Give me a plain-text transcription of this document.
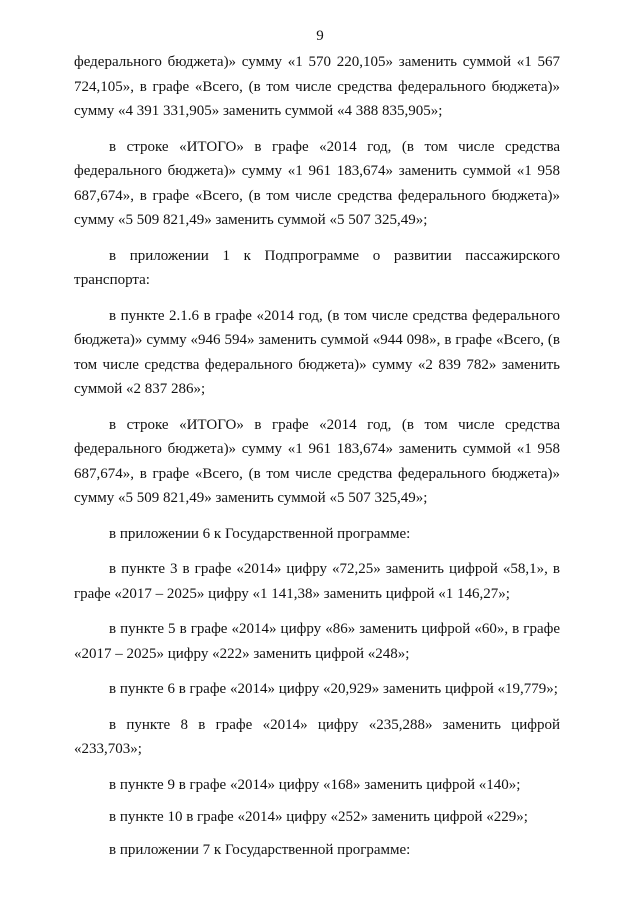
9

федерального бюджета)» сумму «1 570 220,105» заменить суммой «1 567 724,105», в графе «Всего, (в том числе средства федерального бюджета)» сумму «4 391 331,905» заменить суммой «4 388 835,905»;

в строке «ИТОГО» в графе «2014 год, (в том числе средства федерального бюджета)» сумму «1 961 183,674» заменить суммой «1 958 687,674», в графе «Всего, (в том числе средства федерального бюджета)» сумму «5 509 821,49» заменить суммой «5 507 325,49»;

в приложении 1 к Подпрограмме о развитии пассажирского транспорта:

в пункте 2.1.6 в графе «2014 год, (в том числе средства федерального бюджета)» сумму «946 594» заменить суммой «944 098», в графе «Всего, (в том числе средства федерального бюджета)» сумму «2 839 782» заменить суммой «2 837 286»;

в строке «ИТОГО» в графе «2014 год, (в том числе средства федерального бюджета)» сумму «1 961 183,674» заменить суммой «1 958 687,674», в графе «Всего, (в том числе средства федерального бюджета)» сумму «5 509 821,49» заменить суммой «5 507 325,49»;

в приложении 6 к Государственной программе:

в пункте 3 в графе «2014» цифру «72,25» заменить цифрой «58,1», в графе «2017 – 2025» цифру «1 141,38» заменить цифрой «1 146,27»;

в пункте 5 в графе «2014» цифру «86» заменить цифрой «60», в графе «2017 – 2025» цифру «222» заменить цифрой «248»;

в пункте 6 в графе «2014» цифру «20,929» заменить цифрой «19,779»;

в пункте 8 в графе «2014» цифру «235,288» заменить цифрой «233,703»;

в пункте 9 в графе «2014» цифру «168» заменить цифрой «140»;

в пункте 10 в графе «2014» цифру «252» заменить цифрой «229»;

в приложении 7 к Государственной программе:
